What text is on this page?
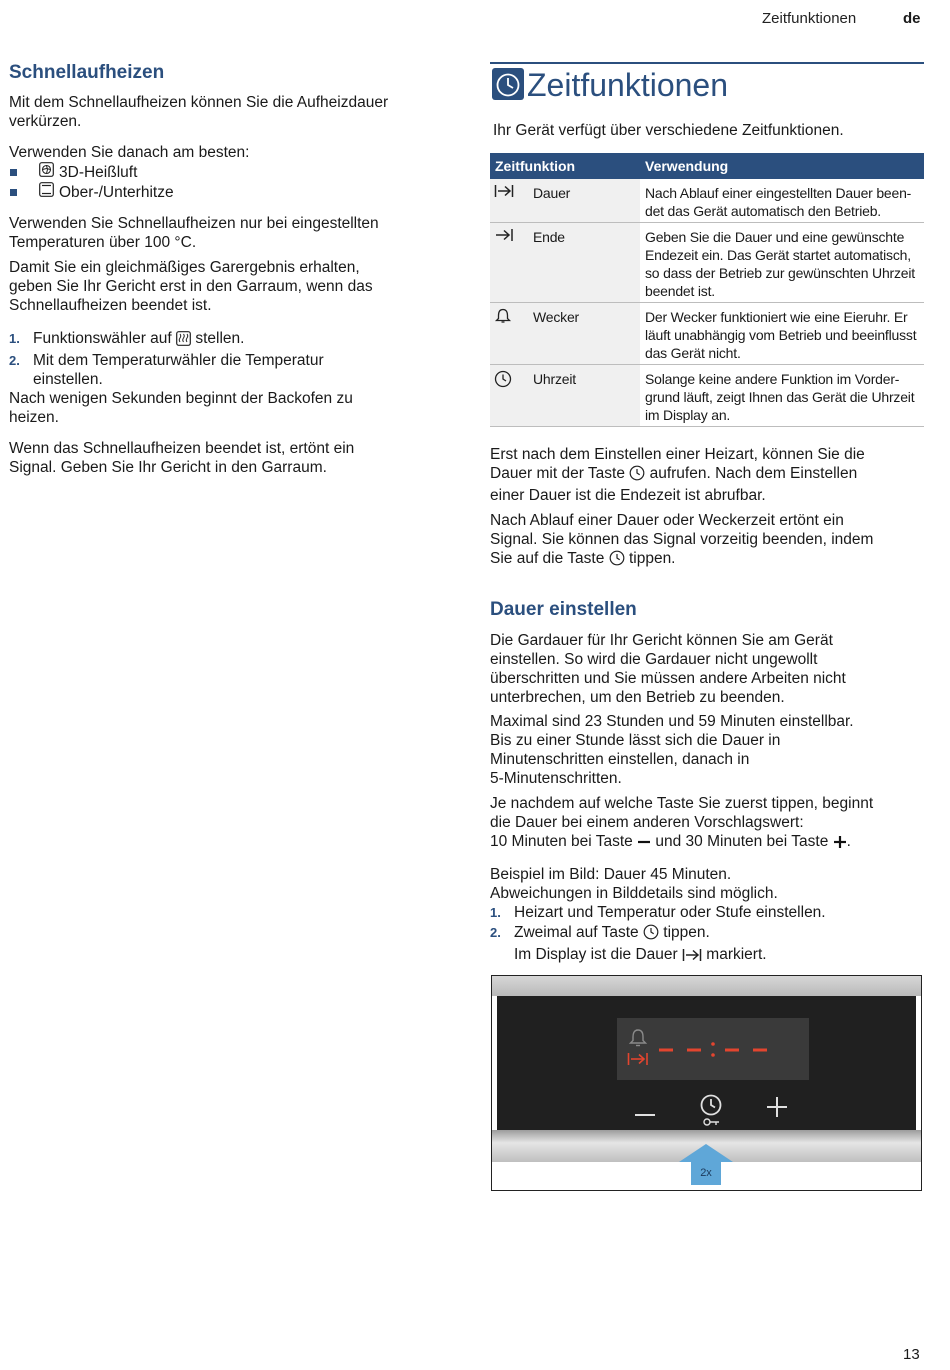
Zeitfunktionen	de
Schnellaufheizen

Mit dem Schnellaufheizen können Sie die Aufheizdauer

verkürzen.

Verwenden Sie danach am besten:

3D-Heißluft
Ober-/Unterhitze

Verwenden Sie Schnellaufheizen nur bei eingestellten

Temperaturen über 100 °C.

Damit Sie ein gleichmäßiges Garergebnis erhalten,

geben Sie Ihr Gericht erst in den Garraum, wenn das

Schnellaufheizen beendet ist.

1. Funktionswähler auf stellen.
2. Mit dem Temperaturwähler die Temperatur

einstellen.

Nach wenigen Sekunden beginnt der Backofen zu

heizen.

Wenn das Schnellaufheizen beendet ist, ertönt ein

Signal. Geben Sie Ihr Gericht in den Garraum.

Zeitfunktionen

Ihr Gerät verfügt über verschiedene Zeitfunktionen.

Zeitfunktion		Verwendung
	Dauer	Nach Ablauf einer eingestellten Dauer been-
det das Gerät automatisch den Betrieb.

	Ende	Geben Sie die Dauer und eine gewünschte
Endezeit ein. Das Gerät startet automatisch,
so dass der Betrieb zur gewünschten Uhrzeit
beendet ist.

	Wecker	Der Wecker funktioniert wie eine Eieruhr. Er
läuft unabhängig vom Betrieb und beeinflusst
das Gerät nicht.

	Uhrzeit	Solange keine andere Funktion im Vorder-
grund läuft, zeigt Ihnen das Gerät die Uhrzeit
im Display an.

Erst nach dem Einstellen einer Heizart, können Sie die

Dauer mit der Taste aufrufen. Nach dem Einstellen

einer Dauer ist die Endezeit ist abrufbar.

Nach Ablauf einer Dauer oder Weckerzeit ertönt ein

Signal. Sie können das Signal vorzeitig beenden, indem

Sie auf die Taste tippen.

Dauer einstellen

Die Gardauer für Ihr Gericht können Sie am Gerät

einstellen. So wird die Gardauer nicht ungewollt

überschritten und Sie müssen andere Arbeiten nicht

unterbrechen, um den Betrieb zu beenden.

Maximal sind 23 Stunden und 59 Minuten einstellbar.

Bis zu einer Stunde lässt sich die Dauer in

Minutenschritten einstellen, danach in

5-Minutenschritten.

Je nachdem auf welche Taste Sie zuerst tippen, beginnt

die Dauer bei einem anderen Vorschlagswert:

10 Minuten bei Taste und 30 Minuten bei Taste .

Beispiel im Bild: Dauer 45 Minuten.

Abweichungen in Bilddetails sind möglich.

1. Heizart und Temperatur oder Stufe einstellen.
2. Zweimal auf Taste tippen.

Im Display ist die Dauer markiert.

2x
13
